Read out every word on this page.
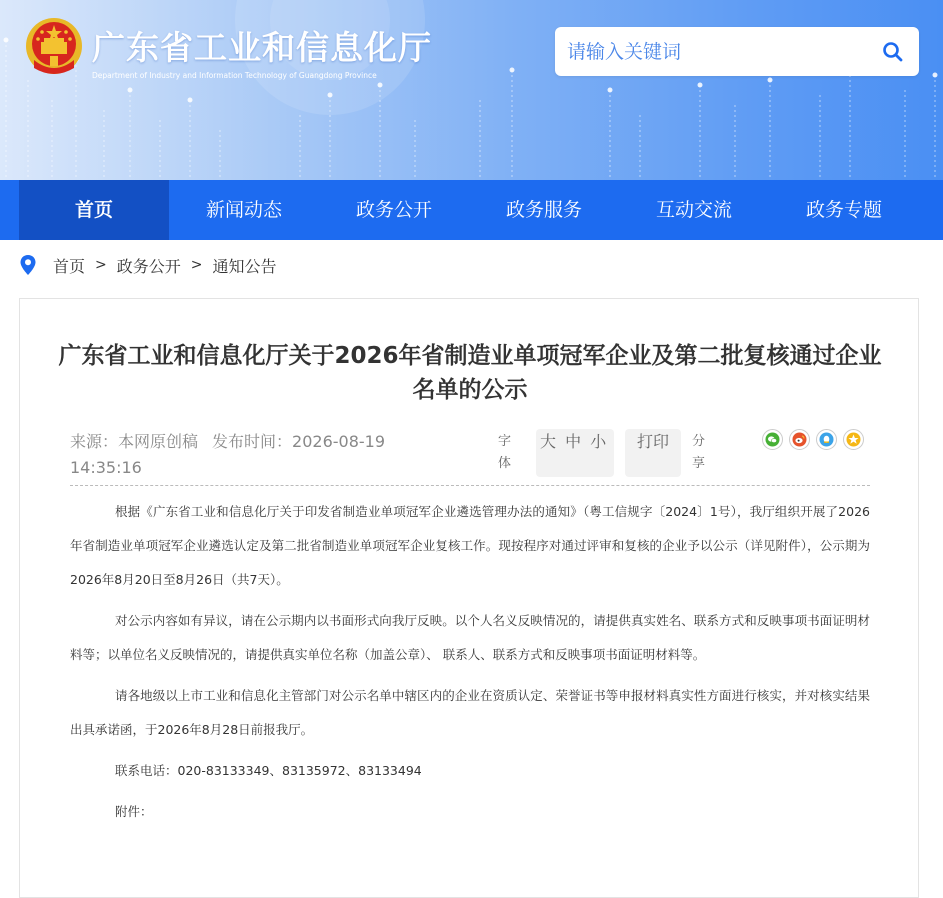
广东省工业和信息化厅
Department of Industry and Information Technology of Guangdong Province
请输入关键词
首页	新闻动态	政务公开	政务服务	互动交流	政务专题
首页 > 政务公开 > 通知公告
广东省工业和信息化厅关于2026年省制造业单项冠军企业及第二批复核通过企业名单的公示
来源：本网原创稿 发布时间：2026-08-19 14:35:16
字体
大 中 小	打印	分享

根据《广东省工业和信息化厅关于印发省制造业单项冠军企业遴选管理办法的通知》（粤工信规字〔2024〕1号），我厅组织开展了2026年省制造业单项冠军企业遴选认定及第二批省制造业单项冠军企业复核工作。现按程序对通过评审和复核的企业予以公示（详见附件），公示期为2026年8月20日至8月26日（共7天）。

对公示内容如有异议，请在公示期内以书面形式向我厅反映。以个人名义反映情况的，请提供真实姓名、联系方式和反映事项书面证明材料等；以单位名义反映情况的，请提供真实单位名称（加盖公章）、 联系人、联系方式和反映事项书面证明材料等。

请各地级以上市工业和信息化主管部门对公示名单中辖区内的企业在资质认定、荣誉证书等申报材料真实性方面进行核实，并对核实结果出具承诺函，于2026年8月28日前报我厅。

联系电话：020-83133349、83135972、83133494

附件：
